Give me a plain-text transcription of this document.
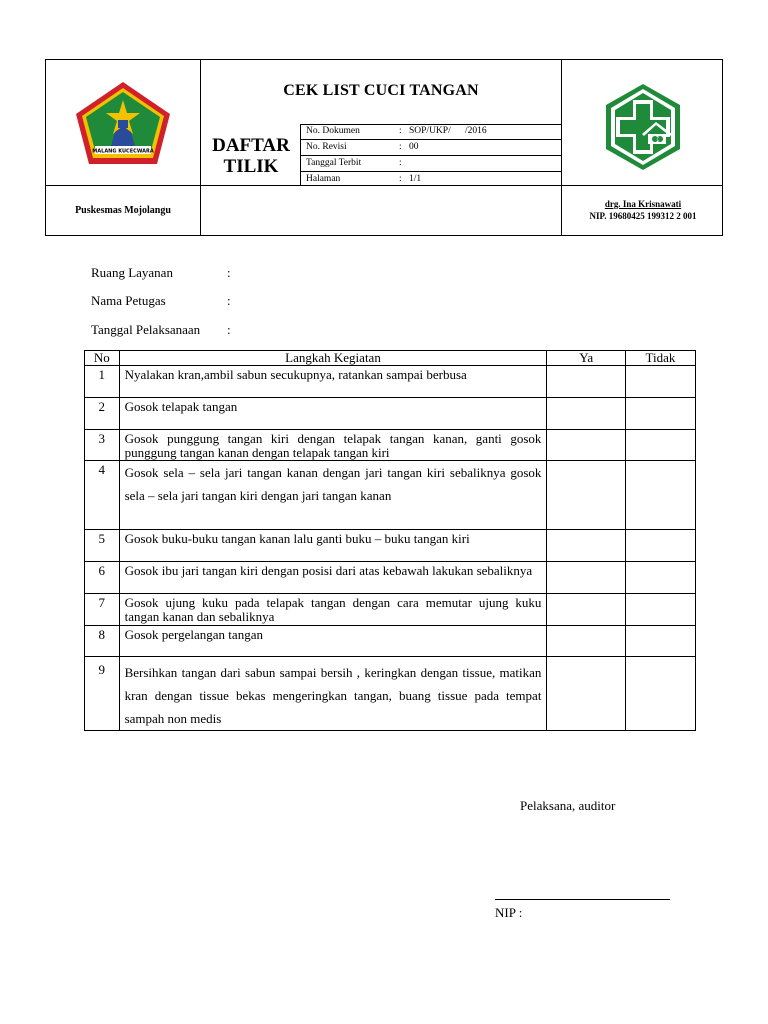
MALANG KUCECWARA
CEK LIST CUCI TANGAN
DAFTAR
TILIK
No. Dokumen	: SOP/UKP/      /2016
No. Revisi	: 00
Tanggal Terbit	:
Halaman	: 1/1
C
Puskesmas Mojolangu
drg. Ina Krisnawati
NIP. 19680425 199312 2 001
Ruang Layanan	:
Nama Petugas	:
Tanggal Pelaksanaan :
No	Langkah Kegiatan	Ya	Tidak
1	Nyalakan kran,ambil sabun secukupnya, ratankan sampai berbusa		
2	Gosok telapak tangan		
3	Gosok punggung tangan kiri dengan telapak tangan kanan, ganti gosok punggung tangan kanan dengan telapak tangan kiri		
4	Gosok sela – sela jari tangan kanan dengan jari tangan kiri sebaliknya gosok sela – sela jari tangan kiri dengan jari tangan kanan		
5	Gosok buku-buku tangan kanan lalu ganti buku – buku tangan kiri		
6	Gosok ibu jari tangan kiri dengan posisi dari atas kebawah lakukan sebaliknya		
7	Gosok ujung kuku pada telapak tangan dengan cara memutar ujung kuku tangan kanan dan sebaliknya		
8	Gosok pergelangan tangan		
9	Bersihkan tangan dari sabun sampai bersih , keringkan dengan tissue, matikan kran dengan tissue bekas mengeringkan tangan, buang tissue pada tempat sampah non medis		
Pelaksana, auditor
NIP :
